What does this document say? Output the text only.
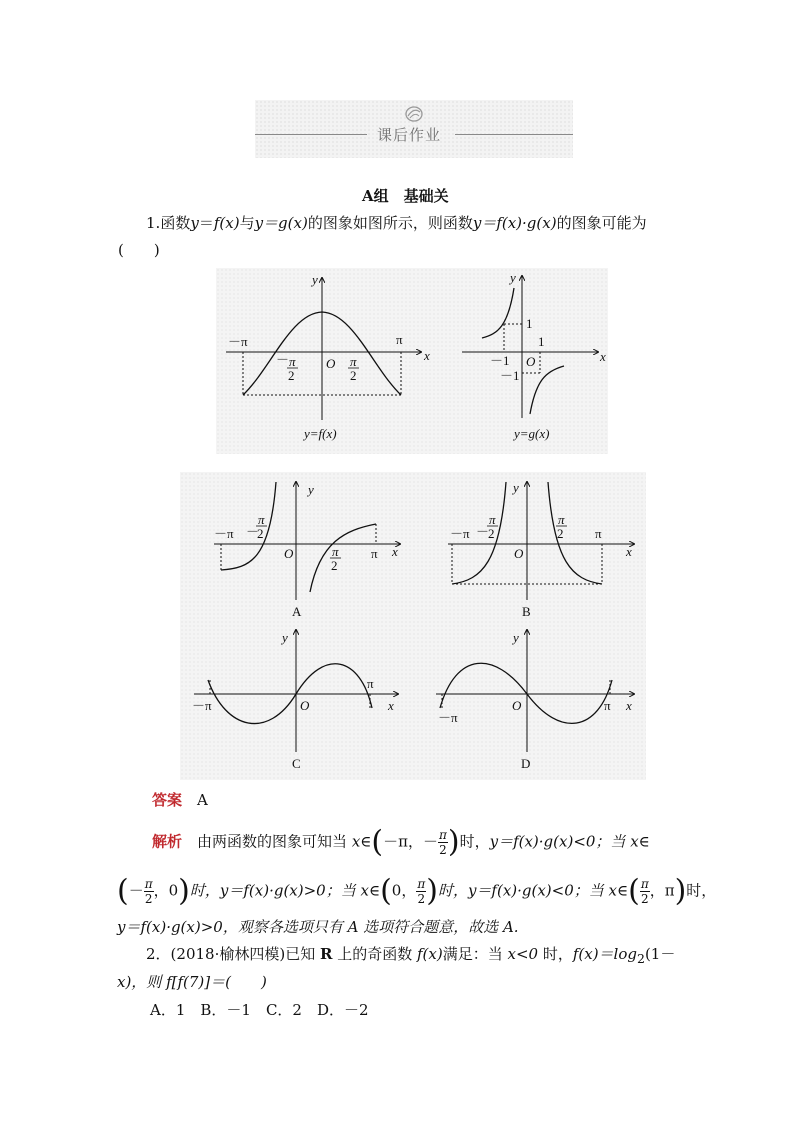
课后作业
A组　基础关
1.函数y＝f(x)与y＝g(x)的图象如图所示，则函数y＝f(x)·g(x)的图象可能为
(　　)
－π
－ π
2
O π
2
π
x
y
y=f(x)
1
1
－1 O
－1
x
y
y=g(x)
－π －
π
2
O	π
2
π x
y
A
－π －
π
2
O
π
2 π
x
y
B
－π	O
π
x
y
C
－π
O	π x
y
D
答案　 A
解析　 由两函数的图象可知当 x∈(－π，－ $\frac{\pi}{2}$ )时，y＝f(x)·g(x)<0；当 x∈
(－ $\frac{\pi}{2}$ ，0)时，y＝f(x)·g(x)>0；当 x∈(0， $\frac{\pi}{2}$ )时，y＝f(x)·g(x)<0；当 x∈( $\frac{\pi}{2}$ ，π)时，
y＝f(x)·g(x)>0，观察各选项只有 A 选项符合题意，故选 A.
2．(2018·榆林四模)已知 R 上的奇函数 f(x)满足：当 x<0 时，$f(x)=\log_2(1-$
x)，则 f[f(7)]＝(　　)
A．1　B．－1　C．2　D．－2
